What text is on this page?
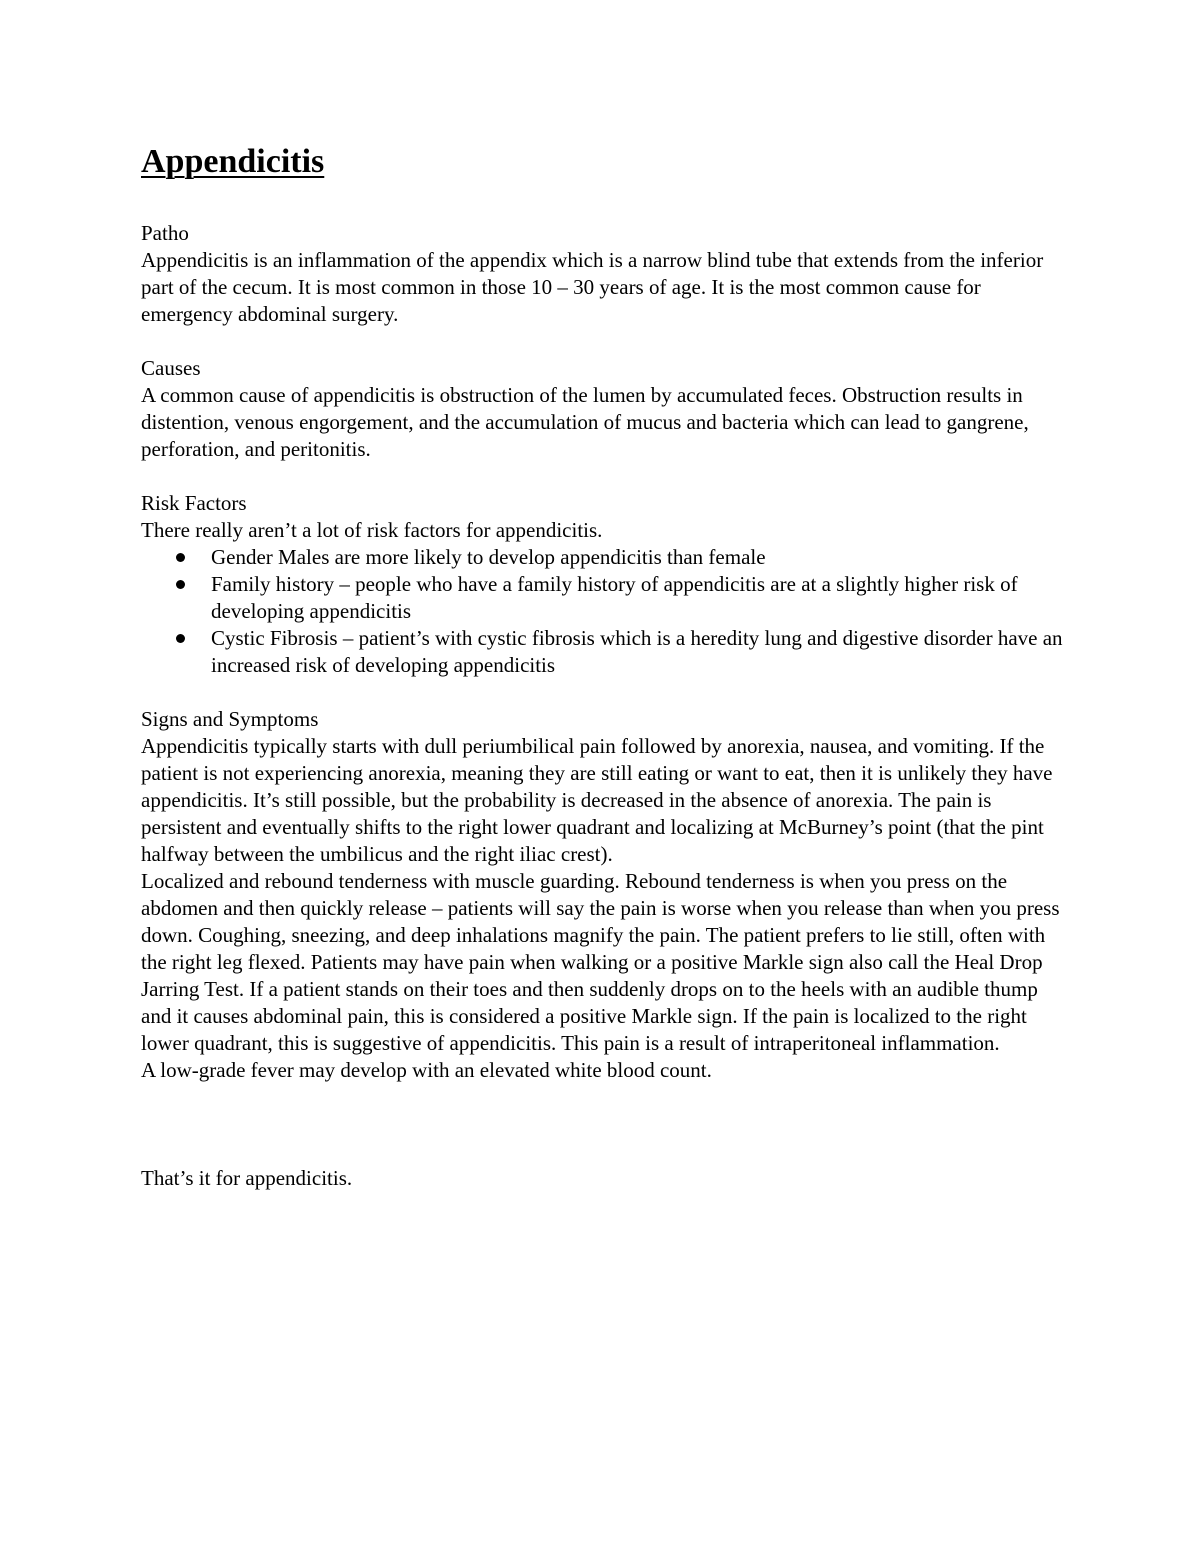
Appendicitis
Patho
Appendicitis is an inflammation of the appendix which is a narrow blind tube that extends from the inferior part of the cecum. It is most common in those 10 – 30 years of age. It is the most common cause for emergency abdominal surgery.
Causes
A common cause of appendicitis is obstruction of the lumen by accumulated feces. Obstruction results in distention, venous engorgement, and the accumulation of mucus and bacteria which can lead to gangrene, perforation, and peritonitis.
Risk Factors
There really aren’t a lot of risk factors for appendicitis.
Gender Males are more likely to develop appendicitis than female
Family history – people who have a family history of appendicitis are at a slightly higher risk of developing appendicitis
Cystic Fibrosis – patient’s with cystic fibrosis which is a heredity lung and digestive disorder have an increased risk of developing appendicitis
Signs and Symptoms
Appendicitis typically starts with dull periumbilical pain followed by anorexia, nausea, and vomiting. If the patient is not experiencing anorexia, meaning they are still eating or want to eat, then it is unlikely they have appendicitis. It’s still possible, but the probability is decreased in the absence of anorexia. The pain is persistent and eventually shifts to the right lower quadrant and localizing at McBurney’s point (that the pint halfway between the umbilicus and the right iliac crest).
Localized and rebound tenderness with muscle guarding. Rebound tenderness is when you press on the abdomen and then quickly release – patients will say the pain is worse when you release than when you press down. Coughing, sneezing, and deep inhalations magnify the pain. The patient prefers to lie still, often with the right leg flexed. Patients may have pain when walking or a positive Markle sign also call the Heal Drop Jarring Test. If a patient stands on their toes and then suddenly drops on to the heels with an audible thump and it causes abdominal pain, this is considered a positive Markle sign. If the pain is localized to the right lower quadrant, this is suggestive of appendicitis. This pain is a result of intraperitoneal inflammation.
A low-grade fever may develop with an elevated white blood count.
That’s it for appendicitis.
